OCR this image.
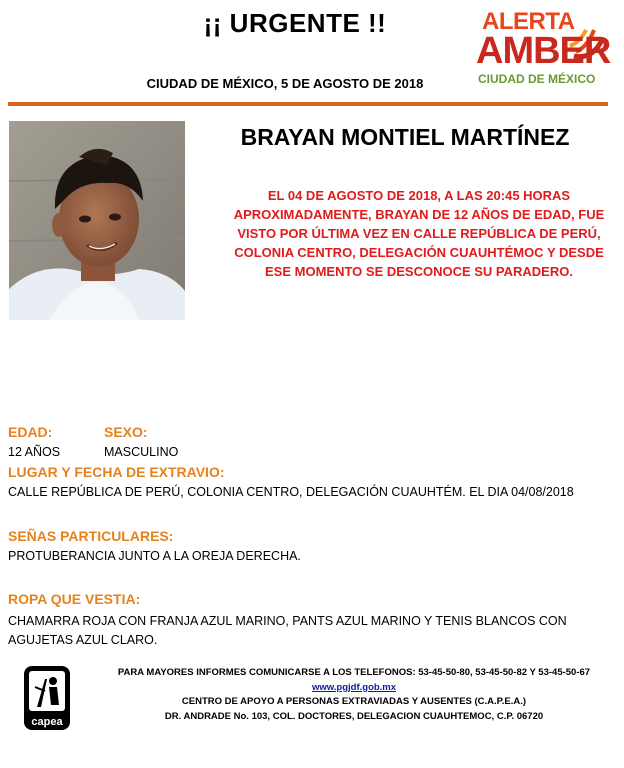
¡¡ URGENTE !!
CIUDAD DE MÉXICO, 5 DE AGOSTO DE 2018
ALERTA
AMBER
CIUDAD DE MÉXICO
BRAYAN MONTIEL MARTÍNEZ
EL 04 DE AGOSTO DE 2018, A LAS 20:45 HORAS APROXIMADAMENTE, BRAYAN DE 12 AÑOS DE EDAD, FUE VISTO POR ÚLTIMA VEZ EN CALLE REPÚBLICA DE PERÚ, COLONIA CENTRO, DELEGACIÓN CUAUHTÉMOC Y DESDE ESE MOMENTO SE DESCONOCE SU PARADERO.
EDAD:	SEXO:
12 AÑOS	MASCULINO
LUGAR Y FECHA DE EXTRAVIO:
CALLE REPÚBLICA DE PERÚ, COLONIA CENTRO, DELEGACIÓN CUAUHTÉM. EL DIA 04/08/2018
SEÑAS PARTICULARES:
PROTUBERANCIA JUNTO A LA OREJA DERECHA.
ROPA QUE VESTIA:
CHAMARRA ROJA CON FRANJA AZUL MARINO, PANTS AZUL MARINO Y TENIS BLANCOS CON AGUJETAS AZUL CLARO.
capea
PARA MAYORES INFORMES COMUNICARSE A LOS TELEFONOS: 53-45-50-80, 53-45-50-82 Y 53-45-50-67
www.pgjdf.gob.mx
CENTRO DE APOYO A PERSONAS EXTRAVIADAS Y AUSENTES (C.A.P.E.A.)
DR. ANDRADE No. 103, COL. DOCTORES, DELEGACION CUAUHTEMOC, C.P. 06720
